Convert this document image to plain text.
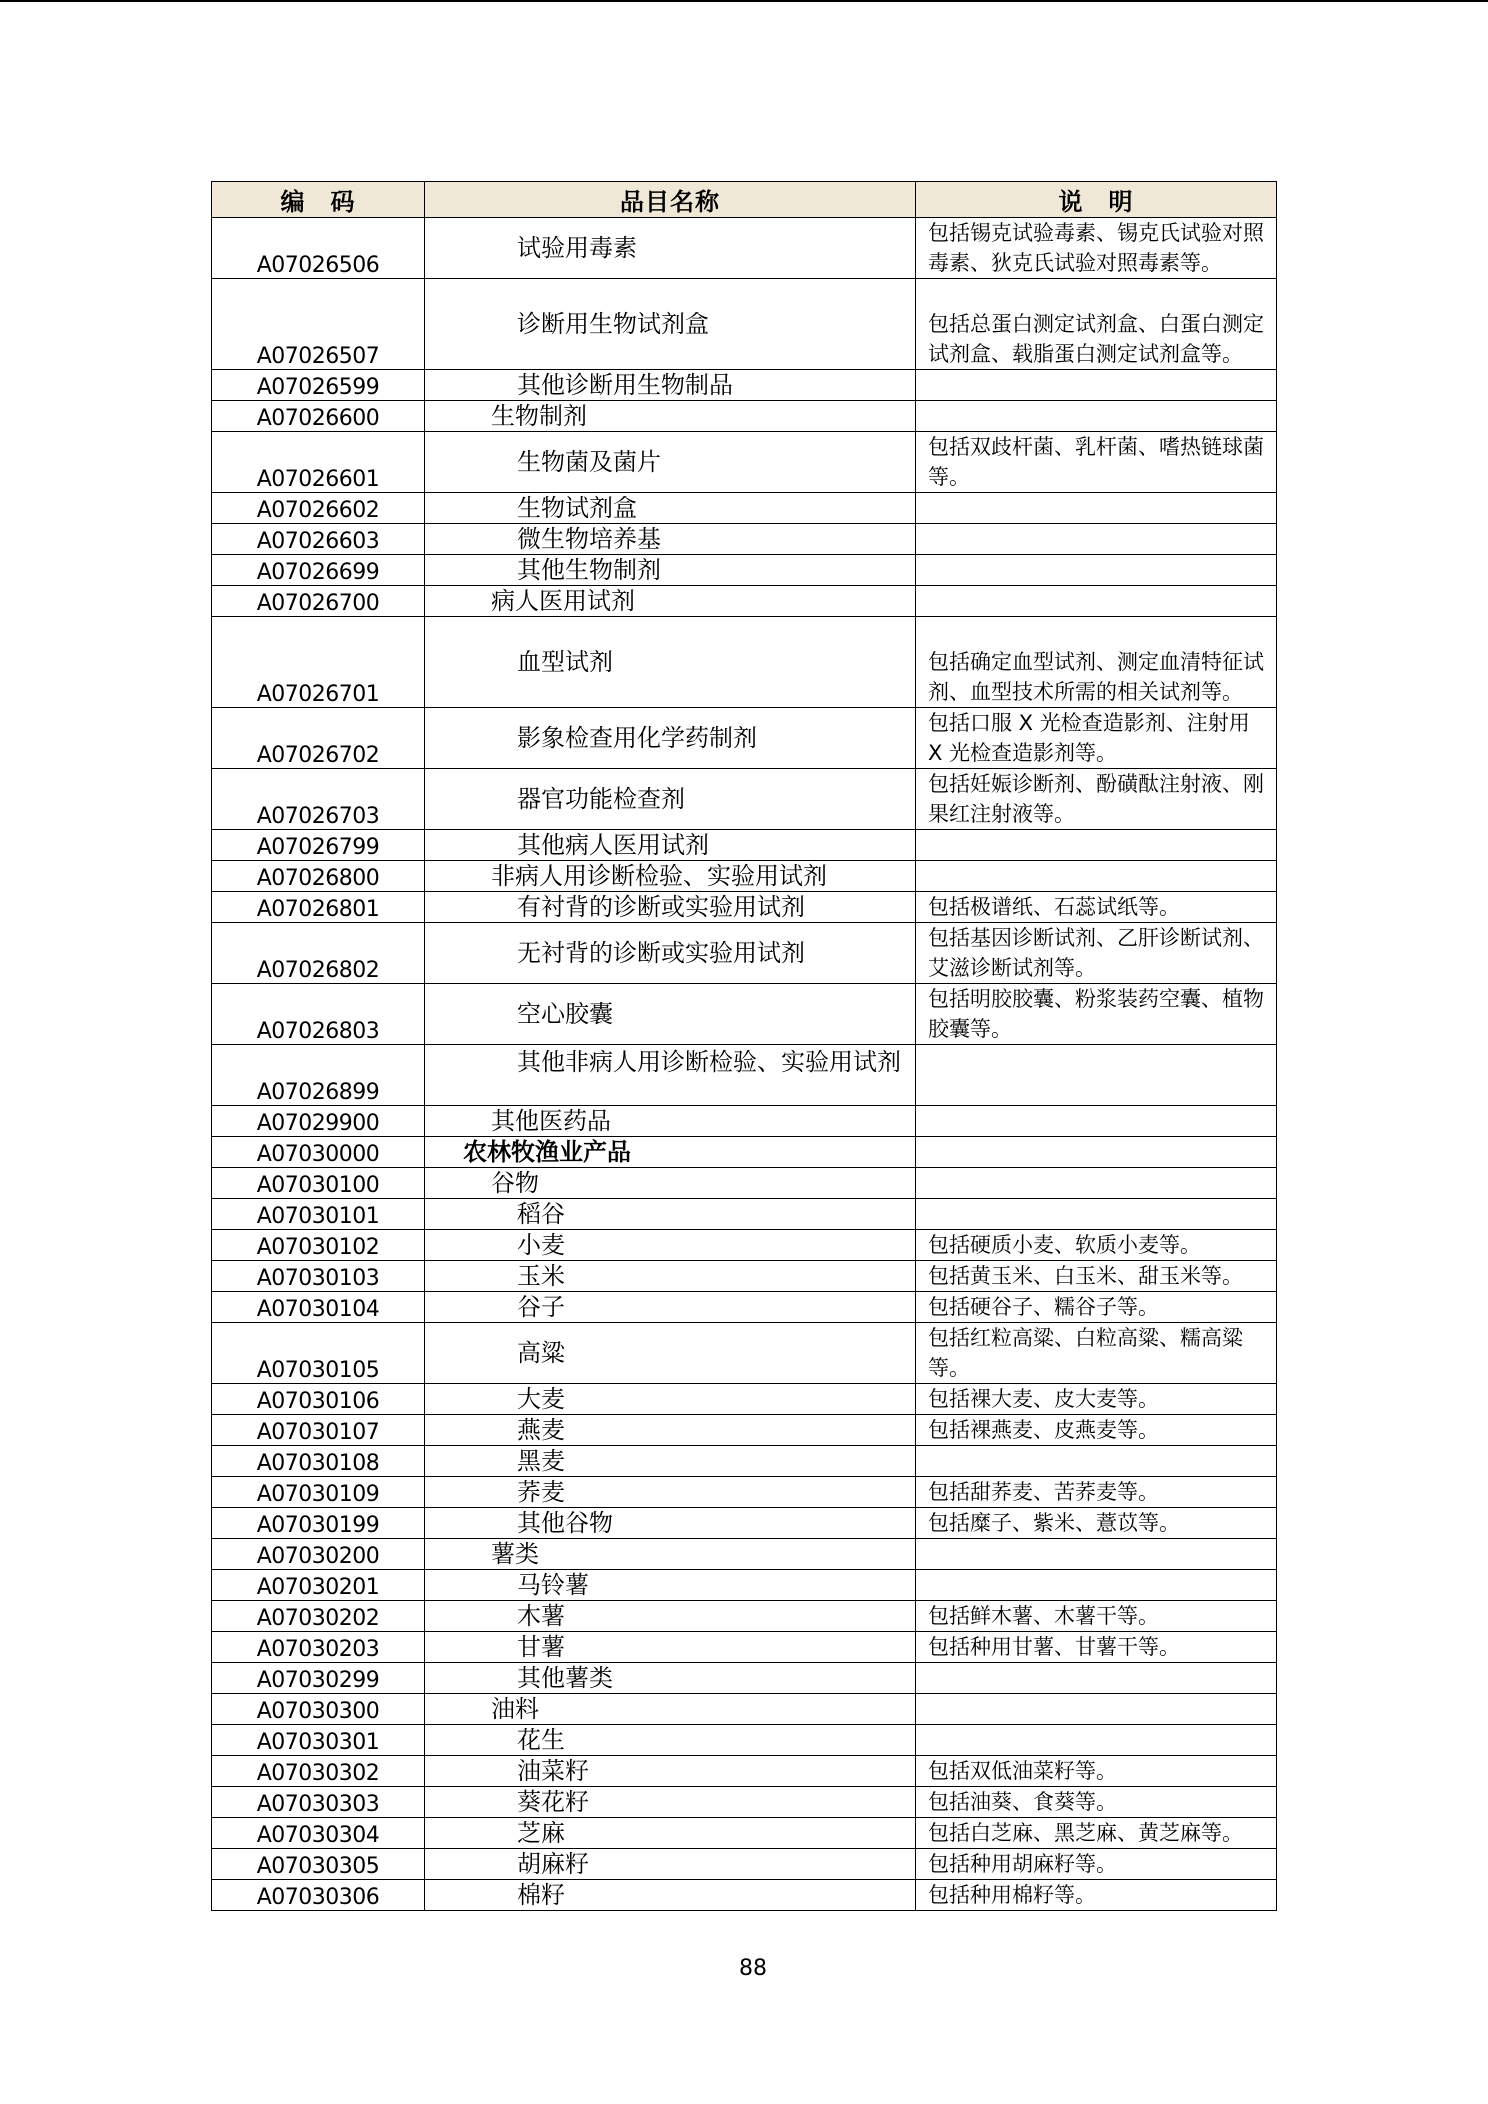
编　码	品目名称	说　明
A07026506	试验用毒素	包括锡克试验毒素、锡克氏试验对照毒素、狄克氏试验对照毒素等。
A07026507	诊断用生物试剂盒	包括总蛋白测定试剂盒、白蛋白测定试剂盒、载脂蛋白测定试剂盒等。
A07026599	其他诊断用生物制品	
A07026600	生物制剂	
A07026601	生物菌及菌片	包括双歧杆菌、乳杆菌、嗜热链球菌等。
A07026602	生物试剂盒	
A07026603	微生物培养基	
A07026699	其他生物制剂	
A07026700	病人医用试剂	
A07026701	血型试剂	包括确定血型试剂、测定血清特征试剂、血型技术所需的相关试剂等。
A07026702	影象检查用化学药制剂	包括口服 X 光检查造影剂、注射用 X 光检查造影剂等。
A07026703	器官功能检查剂	包括妊娠诊断剂、酚磺酞注射液、刚果红注射液等。
A07026799	其他病人医用试剂	
A07026800	非病人用诊断检验、实验用试剂	
A07026801	有衬背的诊断或实验用试剂	包括极谱纸、石蕊试纸等。
A07026802	无衬背的诊断或实验用试剂	包括基因诊断试剂、乙肝诊断试剂、艾滋诊断试剂等。
A07026803	空心胶囊	包括明胶胶囊、粉浆装药空囊、植物胶囊等。
A07026899	其他非病人用诊断检验、实验用试剂	
A07029900	其他医药品	
A07030000	农林牧渔业产品	
A07030100	谷物	
A07030101	稻谷	
A07030102	小麦	包括硬质小麦、软质小麦等。
A07030103	玉米	包括黄玉米、白玉米、甜玉米等。
A07030104	谷子	包括硬谷子、糯谷子等。
A07030105	高粱	包括红粒高粱、白粒高粱、糯高粱等。
A07030106	大麦	包括裸大麦、皮大麦等。
A07030107	燕麦	包括裸燕麦、皮燕麦等。
A07030108	黑麦	
A07030109	荞麦	包括甜荞麦、苦荞麦等。
A07030199	其他谷物	包括糜子、紫米、薏苡等。
A07030200	薯类	
A07030201	马铃薯	
A07030202	木薯	包括鲜木薯、木薯干等。
A07030203	甘薯	包括种用甘薯、甘薯干等。
A07030299	其他薯类	
A07030300	油料	
A07030301	花生	
A07030302	油菜籽	包括双低油菜籽等。
A07030303	葵花籽	包括油葵、食葵等。
A07030304	芝麻	包括白芝麻、黑芝麻、黄芝麻等。
A07030305	胡麻籽	包括种用胡麻籽等。
A07030306	棉籽	包括种用棉籽等。
88
